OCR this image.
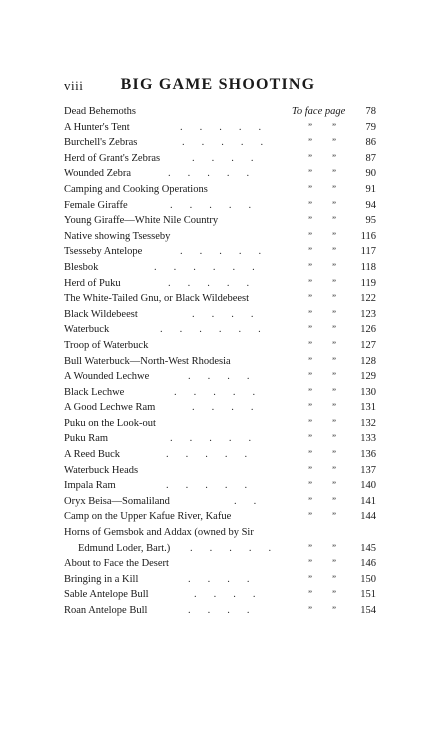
viii	BIG GAME SHOOTING
Dead Behemoths	To face page	78
A Hunter's Tent	.....	” ”	79
Burchell's Zebras	.....	” ”	86
Herd of Grant's Zebras	....	” ”	87
Wounded Zebra	.....	” ”	90
Camping and Cooking Operations	” ”	91
Female Giraffe	.....	” ”	94
Young Giraffe—White Nile Country	” ”	95
Native showing Tsesseby	” ”	116
Tsesseby Antelope	.....	” ”	117
Blesbok	......	” ”	118
Herd of Puku	.....	” ”	119
The White-Tailed Gnu, or Black Wildebeest	” ”	122
Black Wildebeest	....	” ”	123
Waterbuck	......	” ”	126
Troop of Waterbuck	” ”	127
Bull Waterbuck—North-West Rhodesia	” ”	128
A Wounded Lechwe	....	” ”	129
Black Lechwe	.....	” ”	130
A Good Lechwe Ram	....	” ”	131
Puku on the Look-out	” ”	132
Puku Ram	.....	” ”	133
A Reed Buck	.....	” ”	136
Waterbuck Heads	” ”	137
Impala Ram	.....	” ”	140
Oryx Beisa—Somaliland	..	” ”	141
Camp on the Upper Kafue River, Kafue	” ”	144
Horns of Gemsbok and Addax (owned by Sir
Edmund Loder, Bart.)	..... ” ”	145
About to Face the Desert	” ”	146
Bringing in a Kill	....	” ”	150
Sable Antelope Bull	....	” ”	151
Roan Antelope Bull	....	” ”	154
